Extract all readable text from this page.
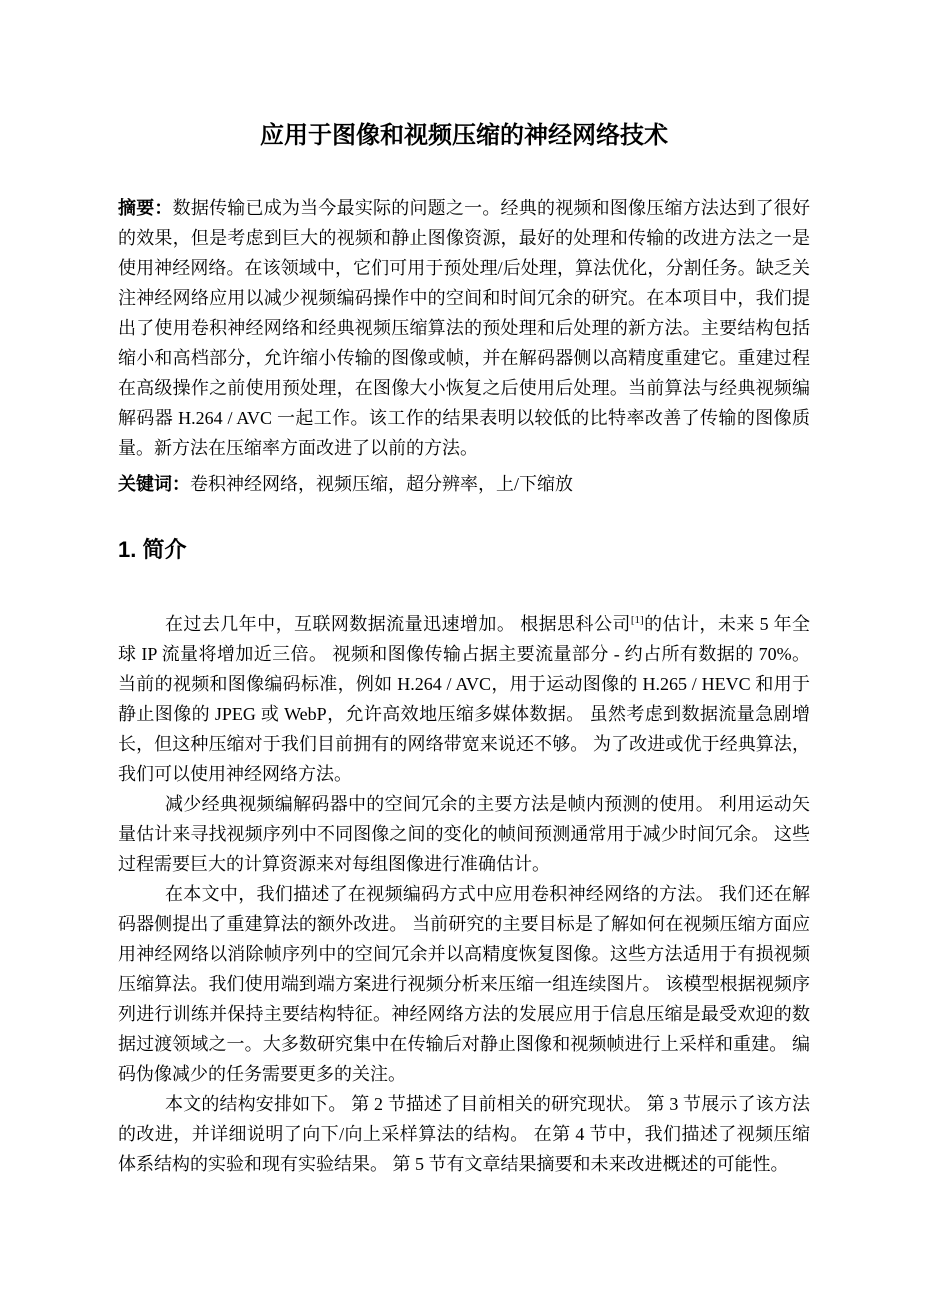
应用于图像和视频压缩的神经网络技术

摘要：数据传输已成为当今最实际的问题之一。经典的视频和图像压缩方法达到了很好的效果，但是考虑到巨大的视频和静止图像资源，最好的处理和传输的改进方法之一是使用神经网络。在该领域中，它们可用于预处理/后处理，算法优化，分割任务。缺乏关注神经网络应用以减少视频编码操作中的空间和时间冗余的研究。在本项目中，我们提出了使用卷积神经网络和经典视频压缩算法的预处理和后处理的新方法。主要结构包括缩小和高档部分，允许缩小传输的图像或帧，并在解码器侧以高精度重建它。重建过程在高级操作之前使用预处理，在图像大小恢复之后使用后处理。当前算法与经典视频编解码器 H.264 / AVC 一起工作。该工作的结果表明以较低的比特率改善了传输的图像质量。新方法在压缩率方面改进了以前的方法。

关键词：卷积神经网络，视频压缩，超分辨率，上/下缩放

1. 简介

在过去几年中，互联网数据流量迅速增加。 根据思科公司[1]的估计，未来 5 年全球 IP 流量将增加近三倍。 视频和图像传输占据主要流量部分 - 约占所有数据的 70%。 当前的视频和图像编码标准，例如 H.264 / AVC，用于运动图像的 H.265 / HEVC 和用于静止图像的 JPEG 或 WebP，允许高效地压缩多媒体数据。 虽然考虑到数据流量急剧增长，但这种压缩对于我们目前拥有的网络带宽来说还不够。 为了改进或优于经典算法，我们可以使用神经网络方法。

减少经典视频编解码器中的空间冗余的主要方法是帧内预测的使用。 利用运动矢量估计来寻找视频序列中不同图像之间的变化的帧间预测通常用于减少时间冗余。 这些过程需要巨大的计算资源来对每组图像进行准确估计。

在本文中，我们描述了在视频编码方式中应用卷积神经网络的方法。 我们还在解码器侧提出了重建算法的额外改进。 当前研究的主要目标是了解如何在视频压缩方面应用神经网络以消除帧序列中的空间冗余并以高精度恢复图像。这些方法适用于有损视频压缩算法。我们使用端到端方案进行视频分析来压缩一组连续图片。 该模型根据视频序列进行训练并保持主要结构特征。神经网络方法的发展应用于信息压缩是最受欢迎的数据过渡领域之一。大多数研究集中在传输后对静止图像和视频帧进行上采样和重建。 编码伪像减少的任务需要更多的关注。

本文的结构安排如下。 第 2 节描述了目前相关的研究现状。 第 3 节展示了该方法的改进，并详细说明了向下/向上采样算法的结构。 在第 4 节中，我们描述了视频压缩体系结构的实验和现有实验结果。 第 5 节有文章结果摘要和未来改进概述的可能性。
